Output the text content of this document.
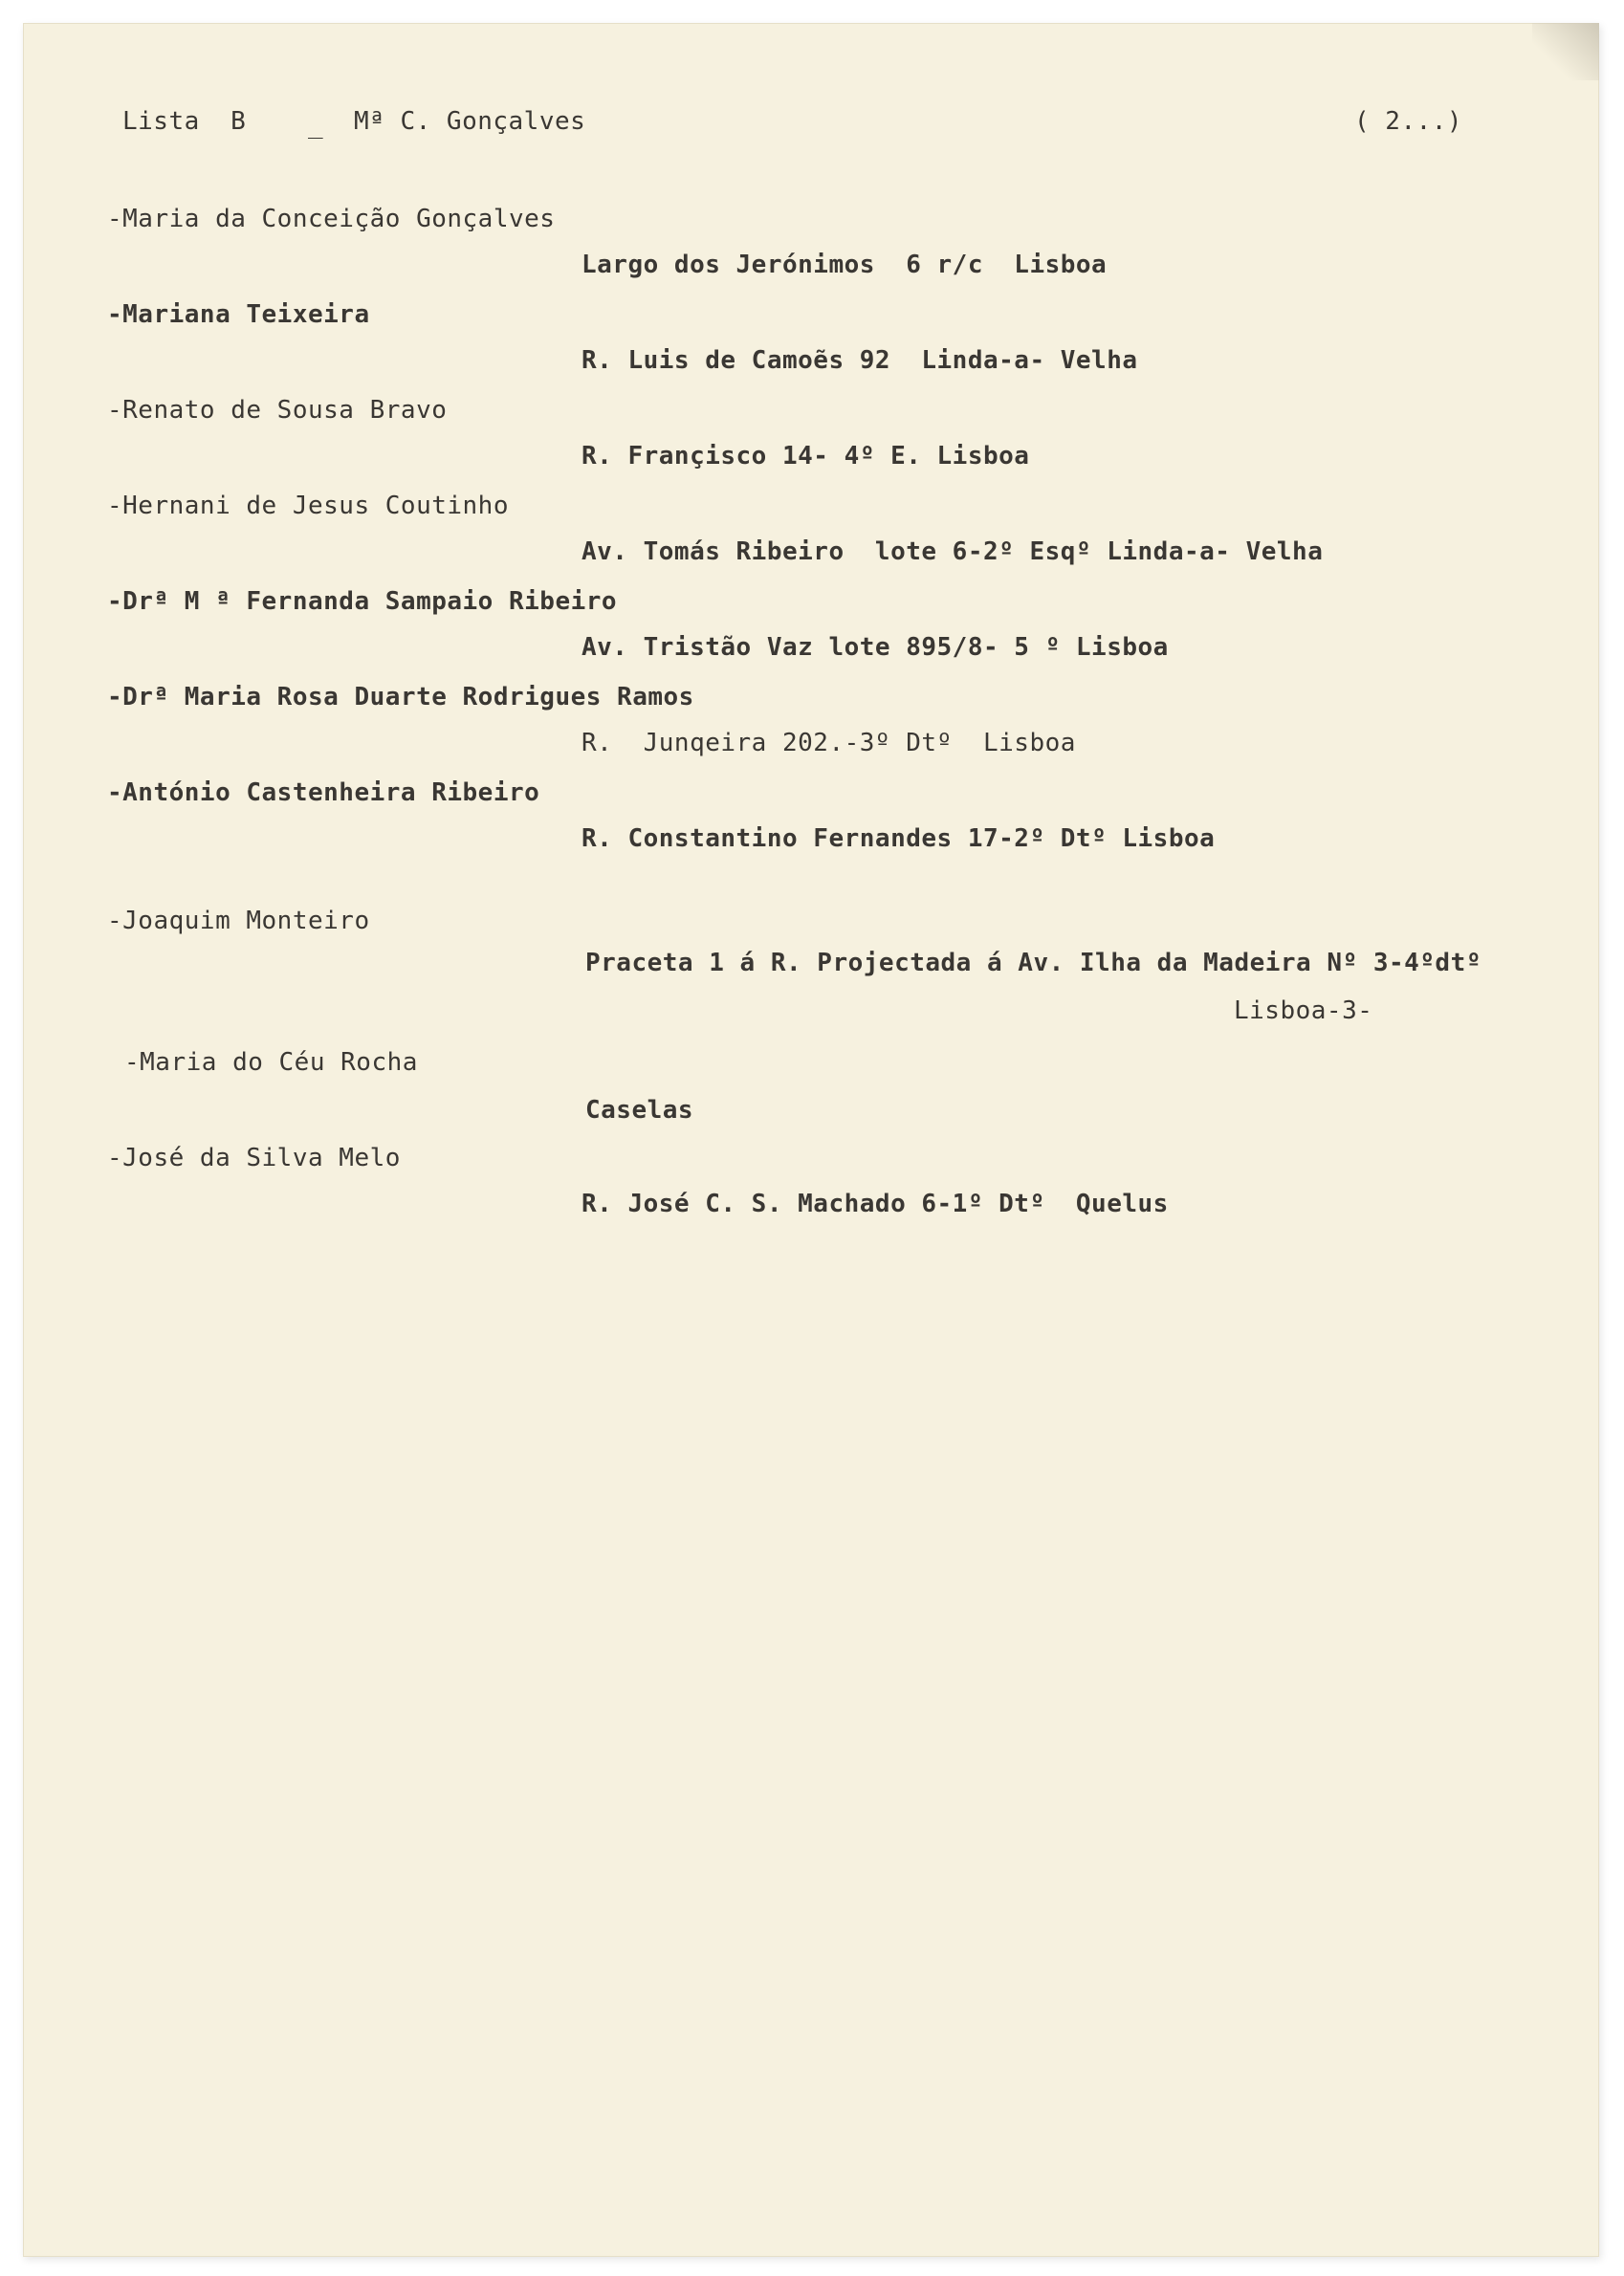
Lista  B _ Mª C. Gonçalves	( 2...)
-Maria da Conceição Gonçalves
Largo dos Jerónimos  6 r/c  Lisboa
-Mariana Teixeira
R. Luis de Camoẽs 92  Linda-a- Velha
-Renato de Sousa Bravo
R. Françisco 14- 4º E. Lisboa
-Hernani de Jesus Coutinho
Av. Tomás Ribeiro  lote 6-2º Esqº Linda-a- Velha
-Drª M ª Fernanda Sampaio Ribeiro
Av. Tristão Vaz lote 895/8- 5 º Lisboa
-Drª Maria Rosa Duarte Rodrigues Ramos
R.  Junqeira 202.-3º Dtº  Lisboa
-António Castenheira Ribeiro
R. Constantino Fernandes 17-2º Dtº Lisboa
-Joaquim Monteiro
Praceta 1 á R. Projectada á Av. Ilha da Madeira Nº 3-4ºdtº
Lisboa-3-
-Maria do Céu Rocha
Caselas
-José da Silva Melo
R. José C. S. Machado 6-1º Dtº  Quelus
